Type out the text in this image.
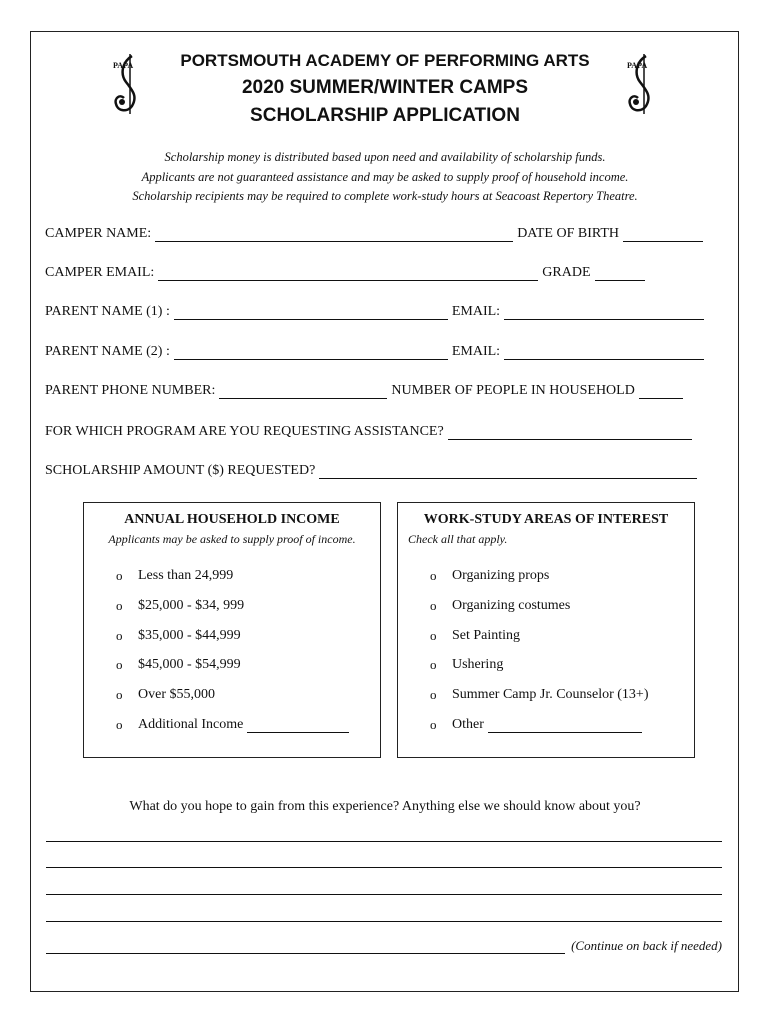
PAPA	PAPA
PORTSMOUTH ACADEMY OF PERFORMING ARTS
2020 SUMMER/WINTER CAMPS
SCHOLARSHIP APPLICATION
Scholarship money is distributed based upon need and availability of scholarship funds.
Applicants are not guaranteed assistance and may be asked to supply proof of household income.
Scholarship recipients may be required to complete work-study hours at Seacoast Repertory Theatre.
CAMPER NAME:	DATE OF BIRTH
CAMPER EMAIL:	GRADE
PARENT NAME (1) :	EMAIL:
PARENT NAME (2) :	EMAIL:
PARENT PHONE NUMBER:	NUMBER OF PEOPLE IN HOUSEHOLD
FOR WHICH PROGRAM ARE YOU REQUESTING ASSISTANCE?
SCHOLARSHIP AMOUNT ($) REQUESTED?
ANNUAL HOUSEHOLD INCOME
Applicants may be asked to supply proof of income.
o	Less than 24,999
o	$25,000 - $34, 999
o	$35,000 - $44,999
o	$45,000 - $54,999
o	Over $55,000
o	Additional Income
WORK-STUDY AREAS OF INTEREST
Check all that apply.
o	Organizing props
o	Organizing costumes
o	Set Painting
o	Ushering
o	Summer Camp Jr. Counselor (13+)
o	Other
What do you hope to gain from this experience? Anything else we should know about you?
(Continue on back if needed)
